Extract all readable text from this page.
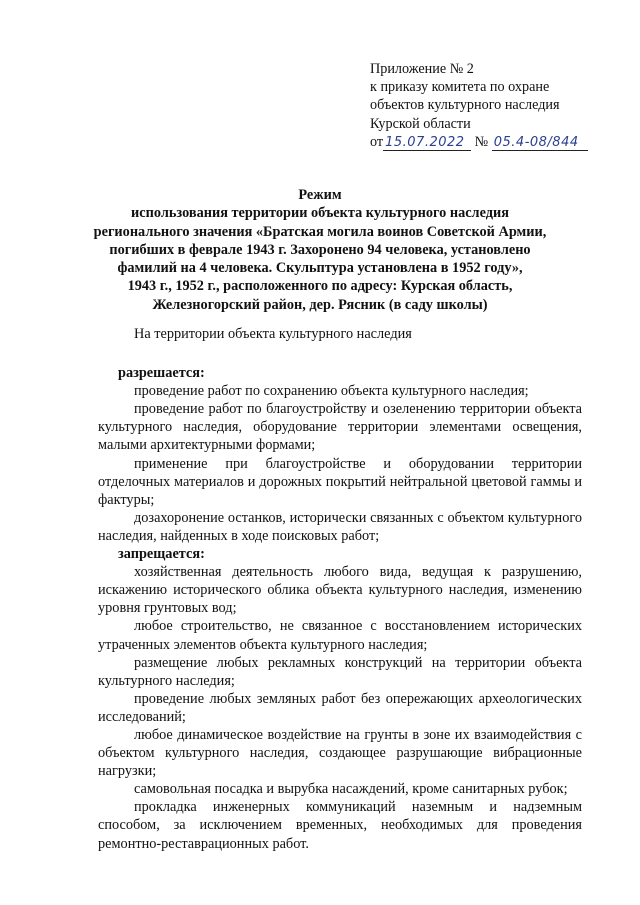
Приложение № 2
к приказу комитета по охране
объектов культурного наследия
Курской области
от 15.07.2022 № 05.4-08/844
Режим
использования территории объекта культурного наследия
регионального значения «Братская могила воинов Советской Армии,
погибших в феврале 1943 г. Захоронено 94 человека, установлено
фамилий на 4 человека. Скульптура установлена в 1952 году»,
1943 г., 1952 г., расположенного по адресу: Курская область,
Железногорский район, дер. Рясник (в саду школы)

На территории объекта культурного наследия

разрешается:

проведение работ по сохранению объекта культурного наследия;

проведение работ по благоустройству и озеленению территории объекта культурного наследия, оборудование территории элементами освещения, малыми архитектурными формами;

применение при благоустройстве и оборудовании территории отделочных материалов и дорожных покрытий нейтральной цветовой гаммы и фактуры;

дозахоронение останков, исторически связанных с объектом культурного наследия, найденных в ходе поисковых работ;

запрещается:

хозяйственная деятельность любого вида, ведущая к разрушению, искажению исторического облика объекта культурного наследия, изменению уровня грунтовых вод;

любое строительство, не связанное с восстановлением исторических утраченных элементов объекта культурного наследия;

размещение любых рекламных конструкций на территории объекта культурного наследия;

проведение любых земляных работ без опережающих археологических исследований;

любое динамическое воздействие на грунты в зоне их взаимодействия с объектом культурного наследия, создающее разрушающие вибрационные нагрузки;

самовольная посадка и вырубка насаждений, кроме санитарных рубок;

прокладка инженерных коммуникаций наземным и надземным способом, за исключением временных, необходимых для проведения ремонтно-реставрационных работ.
